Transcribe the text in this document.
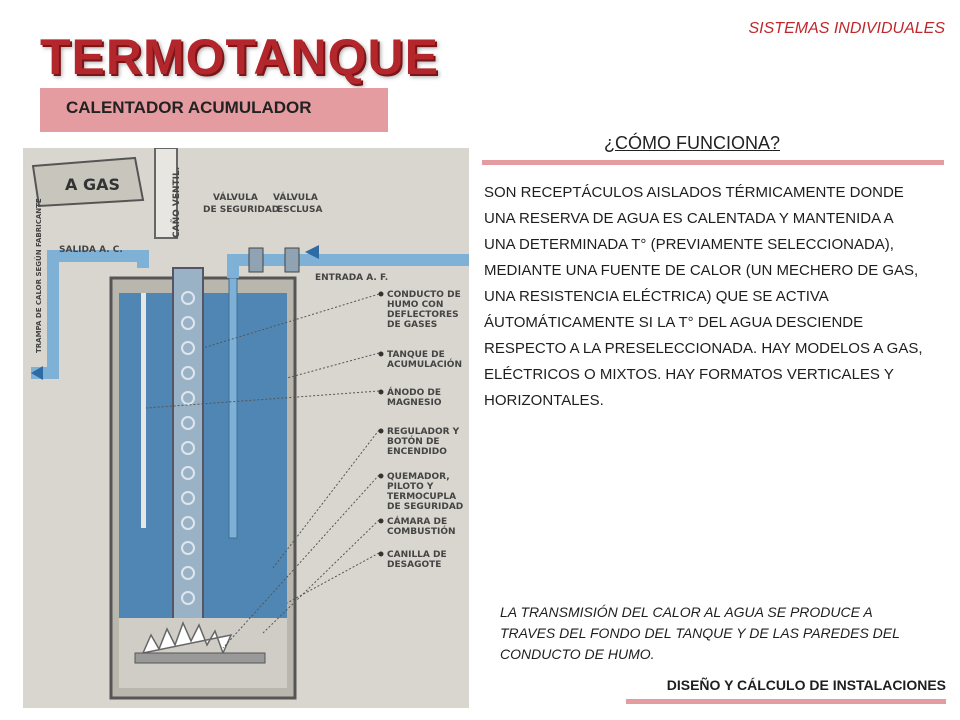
SISTEMAS INDIVIDUALES
TERMOTANQUE
CALENTADOR ACUMULADOR
A GAS	CAÑO VENTIL.
SALIDA A. C.
TRAMPA DE CALOR SEGÚN FABRICANTE
VÁLVULA
DE SEGURIDAD
VÁLVULA
ESCLUSA
ENTRADA A. F.
CONDUCTO DE
HUMO CON
DEFLECTORES
DE GASES
TANQUE DE
ACUMULACIÓN
ÁNODO DE
MAGNESIO
REGULADOR Y
BOTÓN DE
ENCENDIDO
QUEMADOR,
PILOTO Y
TERMOCUPLA
DE SEGURIDAD
CÁMARA DE
COMBUSTIÓN
CANILLA DE
DESAGOTE
¿CÓMO FUNCIONA?
SON RECEPTÁCULOS AISLADOS TÉRMICAMENTE DONDE UNA RESERVA DE AGUA ES CALENTADA Y MANTENIDA A UNA DETERMINADA T° (PREVIAMENTE SELECCIONADA), MEDIANTE UNA FUENTE DE CALOR (UN MECHERO DE GAS, UNA RESISTENCIA ELÉCTRICA) QUE SE ACTIVA ÁUTOMÁTICAMENTE SI LA T° DEL AGUA DESCIENDE RESPECTO A LA PRESELECCIONADA. HAY MODELOS A GAS, ELÉCTRICOS O MIXTOS. HAY FORMATOS VERTICALES Y HORIZONTALES.
LA TRANSMISIÓN DEL CALOR AL AGUA SE PRODUCE A TRAVES DEL FONDO DEL TANQUE Y DE LAS PAREDES DEL CONDUCTO DE HUMO.
DISEÑO Y CÁLCULO DE INSTALACIONES
